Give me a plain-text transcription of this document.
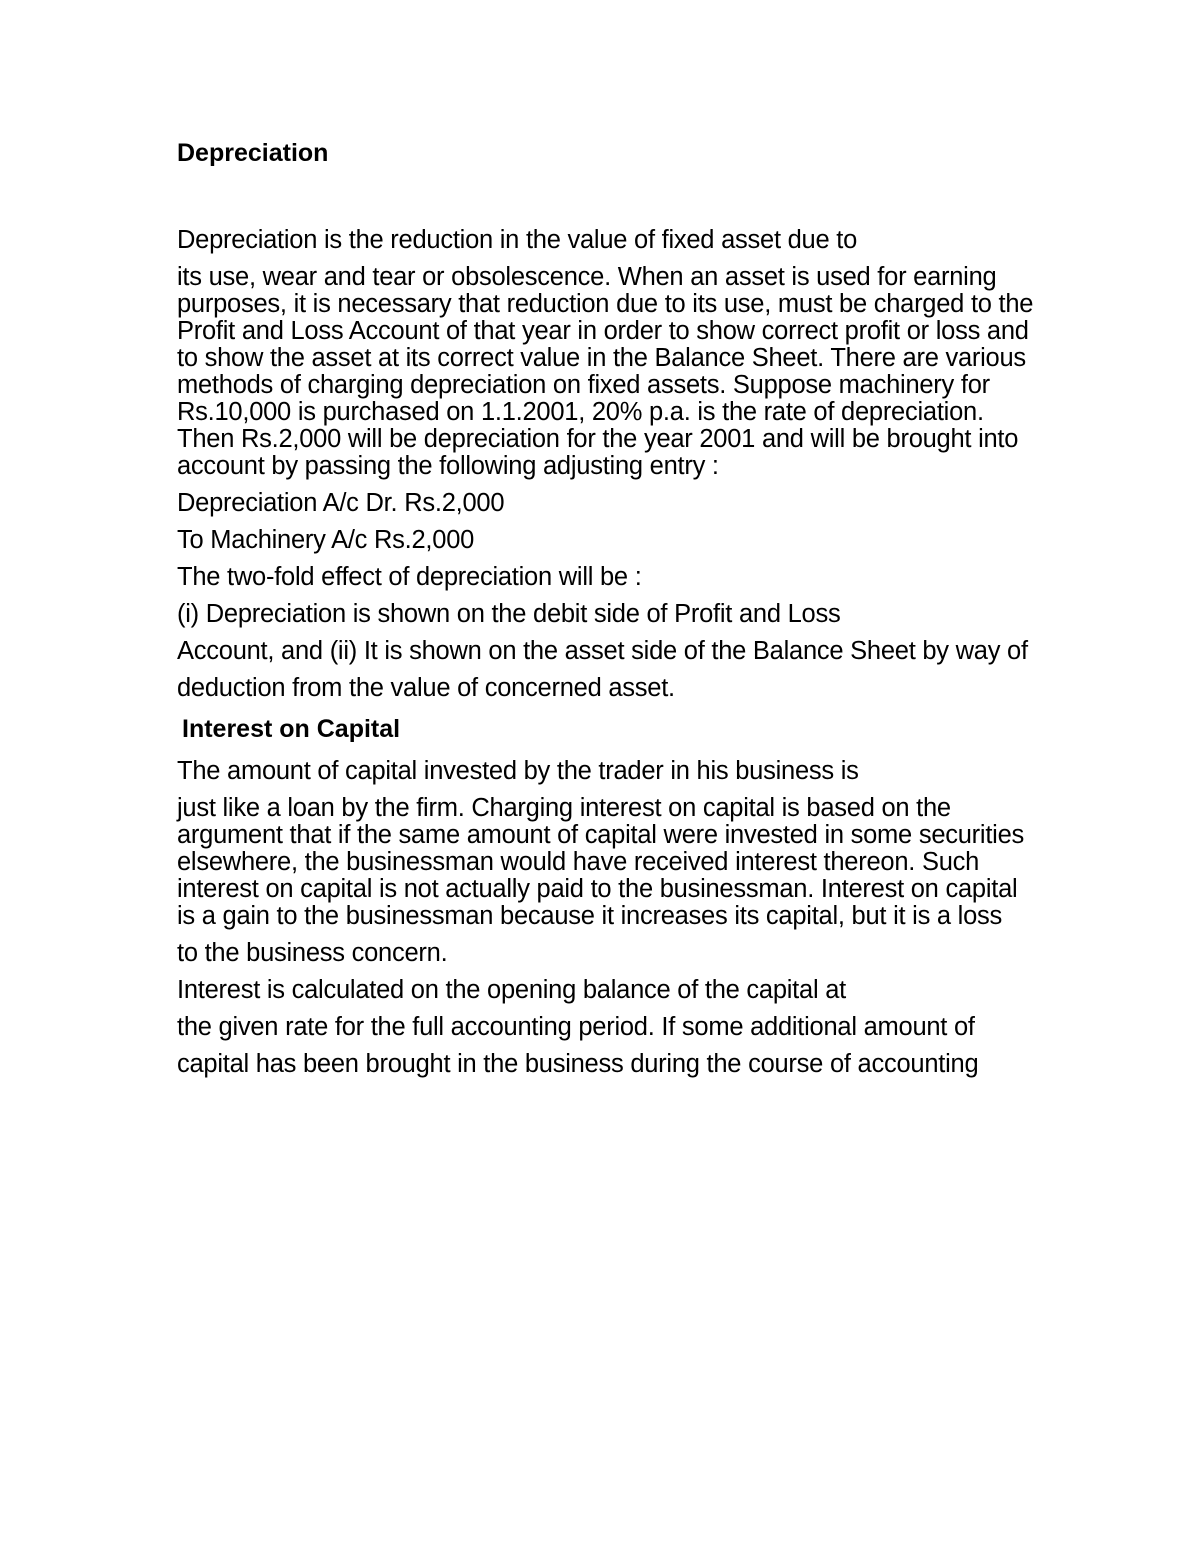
Depreciation

Depreciation is the reduction in the value of fixed asset due to

its use, wear and tear or obsolescence. When an asset is used for earning purposes, it is necessary that reduction due to its use, must be charged to the Profit and Loss Account of that year in order to show correct profit or loss and to show the asset at its correct value in the Balance Sheet. There are various methods of charging depreciation on fixed assets. Suppose machinery for Rs.10,000 is purchased on 1.1.2001, 20% p.a. is the rate of depreciation. Then Rs.2,000 will be depreciation for the year 2001 and will be brought into account by passing the following adjusting entry :

Depreciation A/c Dr. Rs.2,000

To Machinery A/c Rs.2,000

The two-fold effect of depreciation will be :

(i) Depreciation is shown on the debit side of Profit and Loss

Account, and (ii) It is shown on the asset side of the Balance Sheet by way of

deduction from the value of concerned asset.

Interest on Capital

The amount of capital invested by the trader in his business is

just like a loan by the firm. Charging interest on capital is based on the argument that if the same amount of capital were invested in some securities elsewhere, the businessman would have received interest thereon. Such interest on capital is not actually paid to the businessman. Interest on capital is a gain to the businessman because it increases its capital, but it is a loss

to the business concern.

Interest is calculated on the opening balance of the capital at

the given rate for the full accounting period. If some additional amount of

capital has been brought in the business during the course of accounting
